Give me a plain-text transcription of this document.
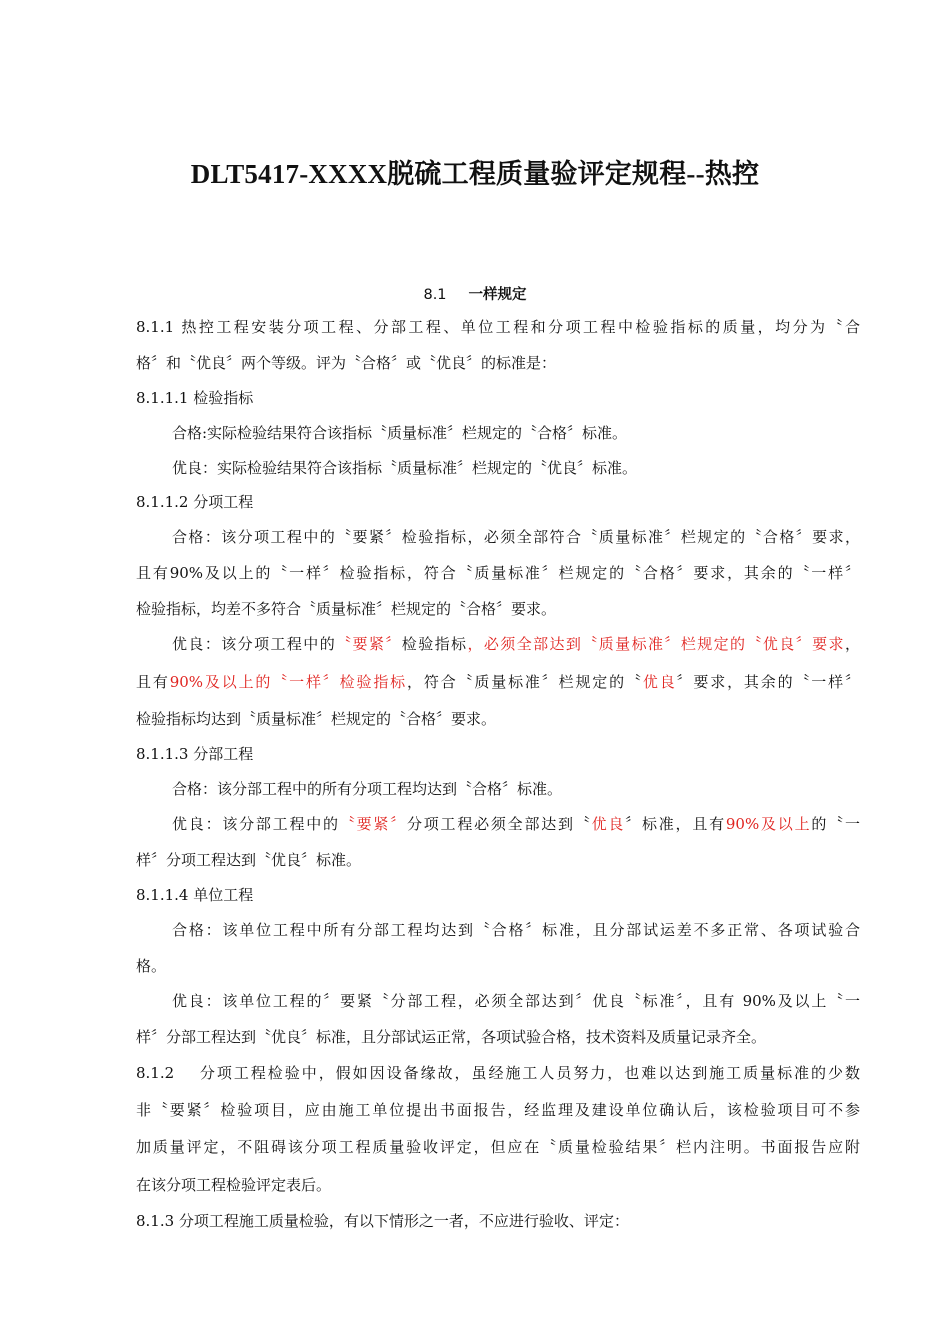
DLT5417-XXXX脱硫工程质量验评定规程--热控
8.1 一样规定
8.1.1 热控工程安装分项工程、分部工程、单位工程和分项工程中检验指标的质量，均分为〝合
格〞和〝优良〞两个等级。评为〝合格〞或〝优良〞的标准是：
8.1.1.1 检验指标
合格:实际检验结果符合该指标〝质量标准〞栏规定的〝合格〞标准。
优良：实际检验结果符合该指标〝质量标准〞栏规定的〝优良〞标准。
8.1.1.2 分项工程
合格：该分项工程中的〝要紧〞检验指标，必须全部符合〝质量标准〞栏规定的〝合格〞要求，
且有90%及以上的〝一样〞检验指标，符合〝质量标准〞栏规定的〝合格〞要求，其余的〝一样〞
检验指标，均差不多符合〝质量标准〞栏规定的〝合格〞要求。
优良：该分项工程中的〝要紧〞检验指标，必须全部达到〝质量标准〞栏规定的〝优良〞要求，
且有90%及以上的〝一样〞检验指标，符合〝质量标准〞栏规定的〝优良〞要求，其余的〝一样〞
检验指标均达到〝质量标准〞栏规定的〝合格〞要求。
8.1.1.3 分部工程
合格：该分部工程中的所有分项工程均达到〝合格〞标准。
优良：该分部工程中的〝要紧〞分项工程必须全部达到〝优良〞标准，且有90%及以上的〝一
样〞分项工程达到〝优良〞标准。
8.1.1.4 单位工程
合格：该单位工程中所有分部工程均达到〝合格〞标准，且分部试运差不多正常、各项试验合
格。
优良：该单位工程的〞要紧〝分部工程，必须全部达到〞优良〝标准〞，且有 90%及以上〝一
样〞分部工程达到〝优良〞标准，且分部试运正常，各项试验合格，技术资料及质量记录齐全。
8.1.2　 分项工程检验中，假如因设备缘故，虽经施工人员努力，也难以达到施工质量标准的少数
非〝要紧〞检验项目，应由施工单位提出书面报告，经监理及建设单位确认后，该检验项目可不参
加质量评定，不阻碍该分项工程质量验收评定，但应在〝质量检验结果〞栏内注明。书面报告应附
在该分项工程检验评定表后。
8.1.3 分项工程施工质量检验，有以下情形之一者，不应进行验收、评定：
